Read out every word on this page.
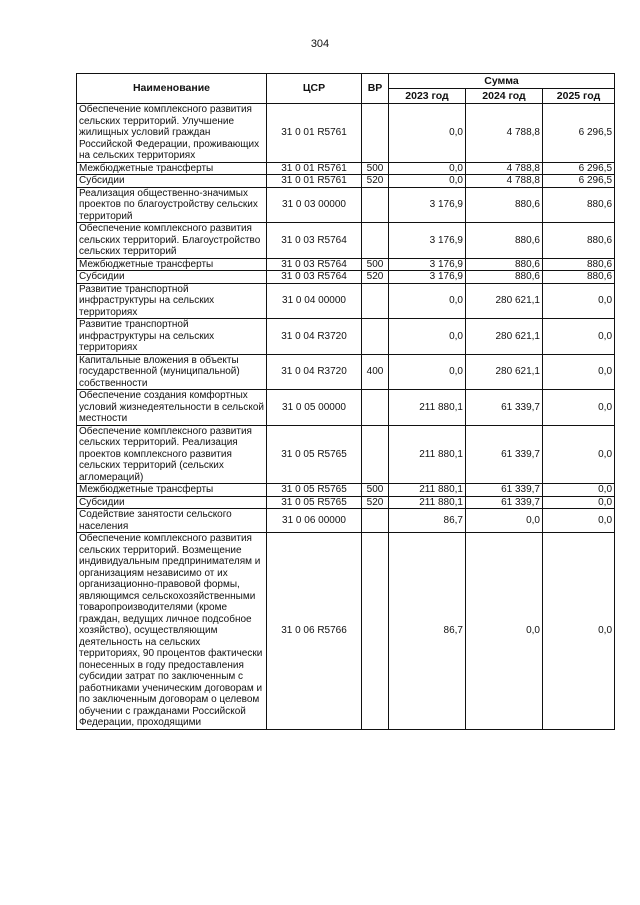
304
Наименование	ЦСР	ВР	Сумма		
			2023 год	2024 год	2025 год
Обеспечение комплексного развития сельских территорий. Улучшение жилищных условий граждан Российской Федерации, проживающих на сельских территориях	31 0 01 R5761		0,0	4 788,8	6 296,5
Межбюджетные трансферты	31 0 01 R5761	500	0,0	4 788,8	6 296,5
Субсидии	31 0 01 R5761	520	0,0	4 788,8	6 296,5
Реализация общественно-значимых проектов по благоустройству сельских территорий	31 0 03 00000		3 176,9	880,6	880,6
Обеспечение комплексного развития сельских территорий. Благоустройство сельских территорий	31 0 03 R5764		3 176,9	880,6	880,6
Межбюджетные трансферты	31 0 03 R5764	500	3 176,9	880,6	880,6
Субсидии	31 0 03 R5764	520	3 176,9	880,6	880,6
Развитие транспортной инфраструктуры на сельских территориях	31 0 04 00000		0,0	280 621,1	0,0
Развитие транспортной инфраструктуры на сельских территориях	31 0 04 R3720		0,0	280 621,1	0,0
Капитальные вложения в объекты государственной (муниципальной) собственности	31 0 04 R3720	400	0,0	280 621,1	0,0
Обеспечение создания комфортных условий жизнедеятельности в сельской местности	31 0 05 00000		211 880,1	61 339,7	0,0
Обеспечение комплексного развития сельских территорий. Реализация проектов комплексного развития сельских территорий (сельских агломераций)	31 0 05 R5765		211 880,1	61 339,7	0,0
Межбюджетные трансферты	31 0 05 R5765	500	211 880,1	61 339,7	0,0
Субсидии	31 0 05 R5765	520	211 880,1	61 339,7	0,0
Содействие занятости сельского населения	31 0 06 00000		86,7	0,0	0,0
Обеспечение комплексного развития сельских территорий. Возмещение индивидуальным предпринимателям и организациям независимо от их организационно-правовой формы, являющимся сельскохозяйственными товаропроизводителями (кроме граждан, ведущих личное подсобное хозяйство), осуществляющим деятельность на сельских территориях, 90 процентов фактически понесенных в году предоставления субсидии затрат по заключенным с работниками ученическим договорам и по заключенным договорам о целевом обучении с гражданами Российской Федерации, проходящими	31 0 06 R5766		86,7	0,0	0,0
